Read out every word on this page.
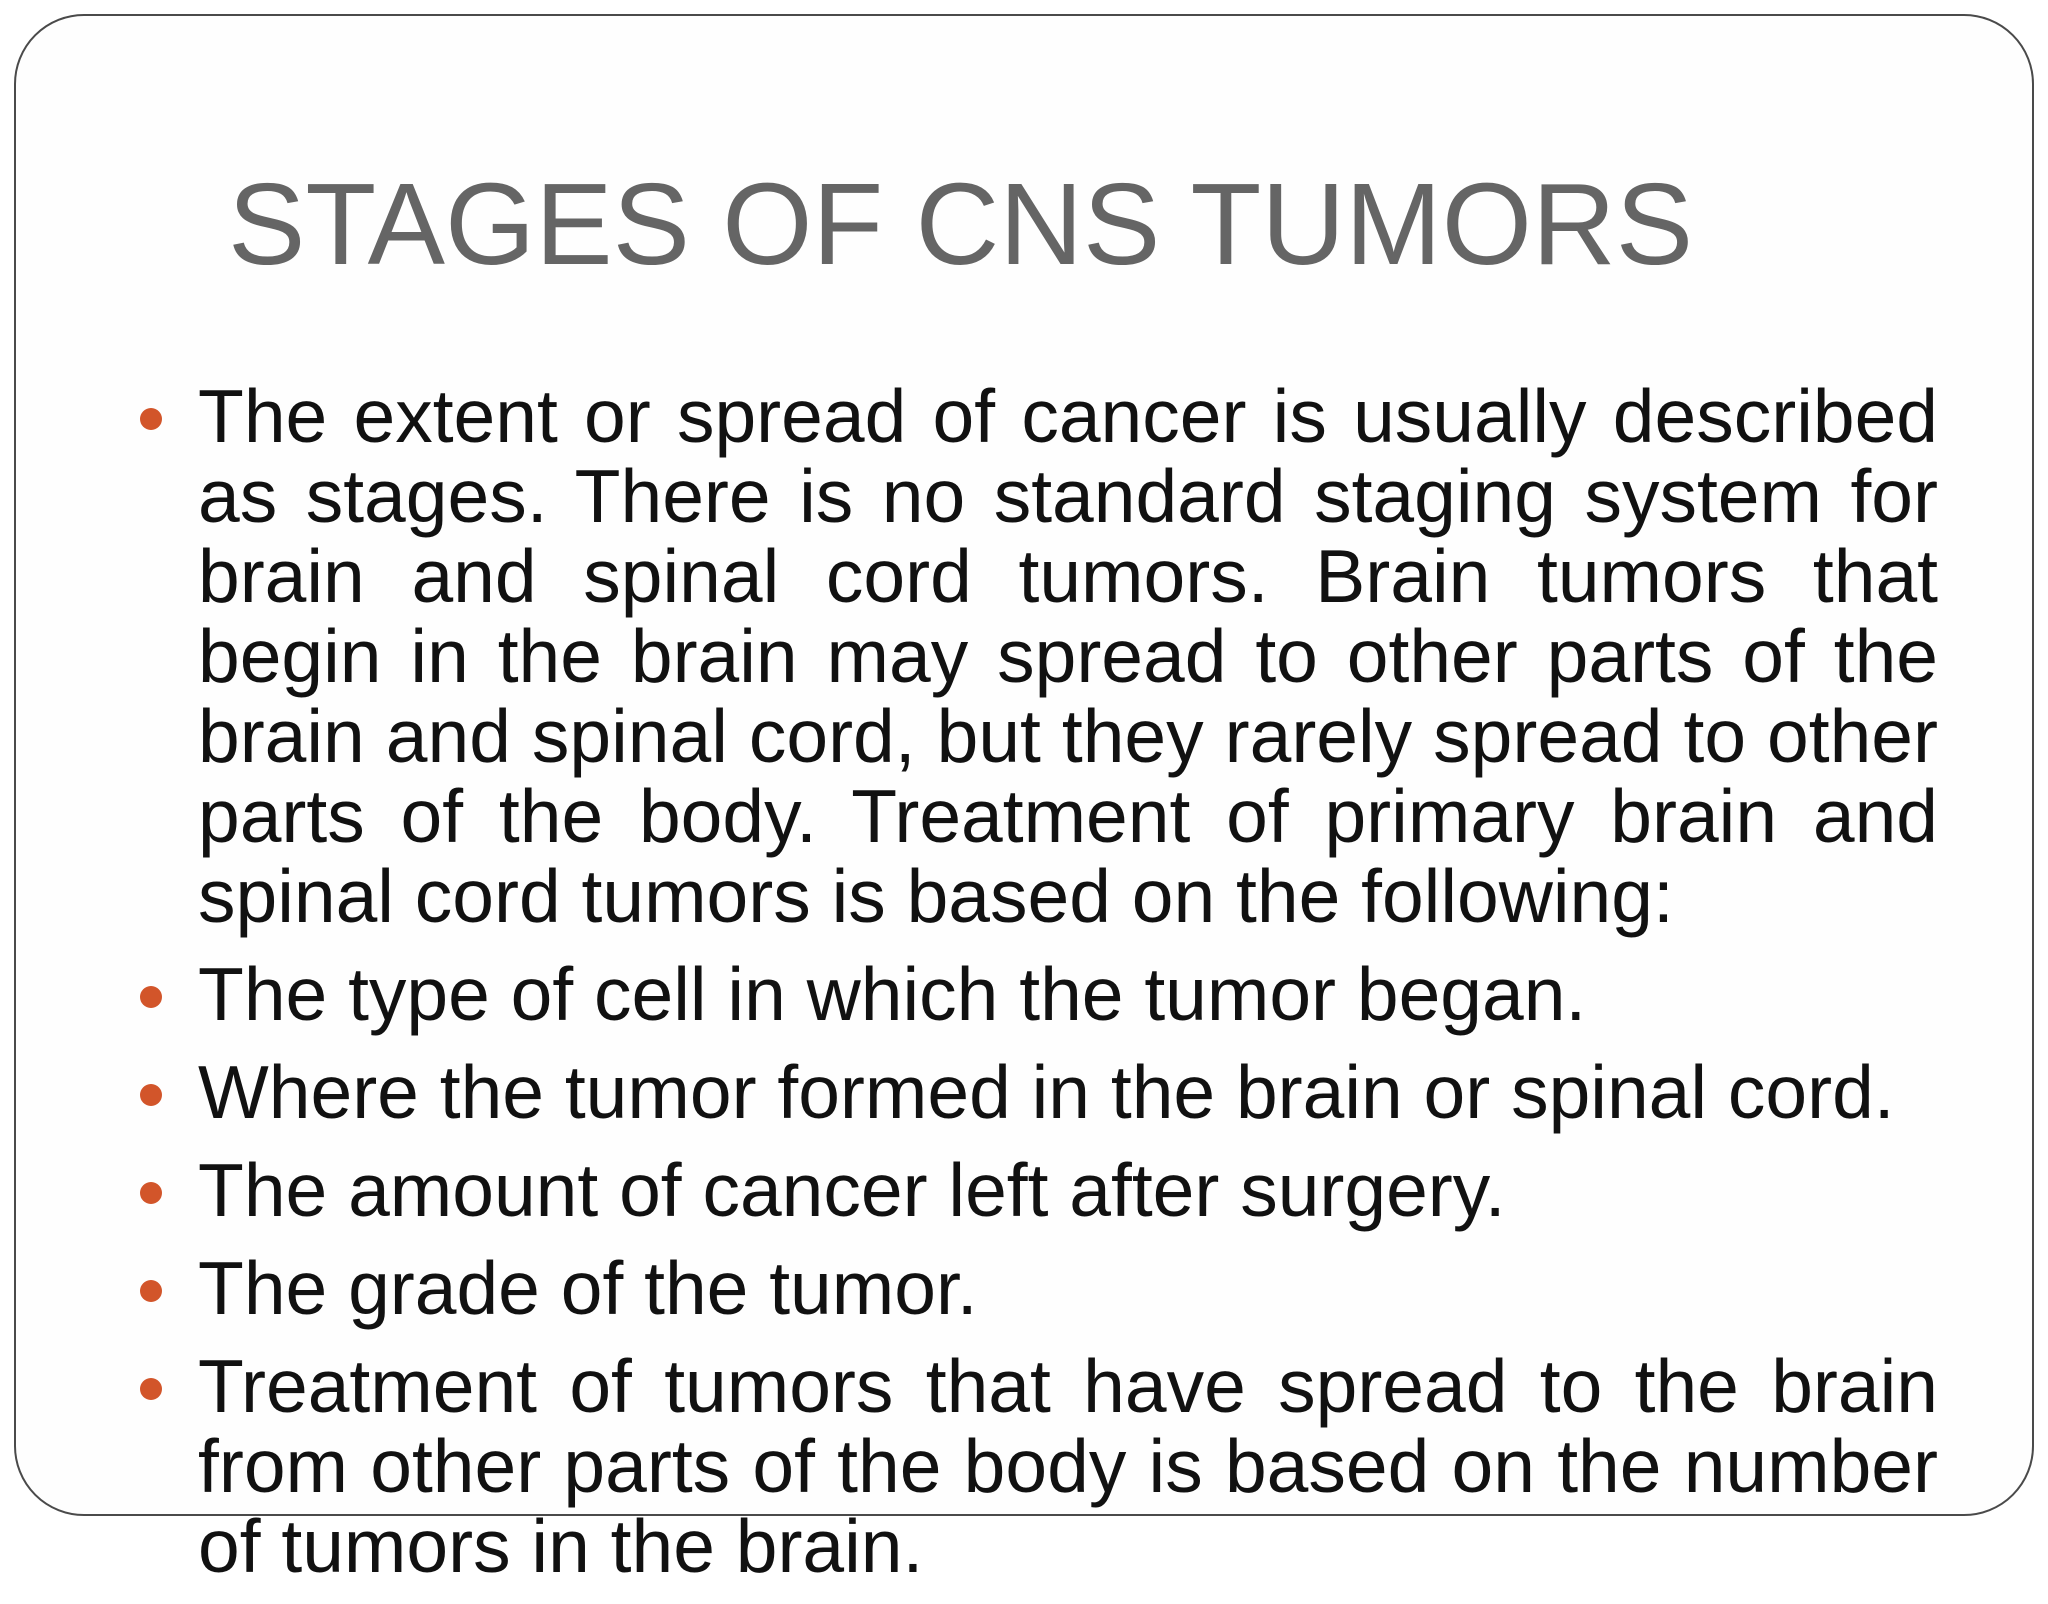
STAGES OF CNS TUMORS
The extent or spread of cancer is usually described as stages. There is no standard staging system for brain and spinal cord tumors. Brain tumors that begin in the brain may spread to other parts of the brain and spinal cord, but they rarely spread to other parts of the body. Treatment of primary brain and spinal cord tumors is based on the following:
The type of cell in which the tumor began.
Where the tumor formed in the brain or spinal cord.
The amount of cancer left after surgery.
The grade of the tumor.
Treatment of tumors that have spread to the brain from other parts of the body is based on the number of tumors in the brain.
